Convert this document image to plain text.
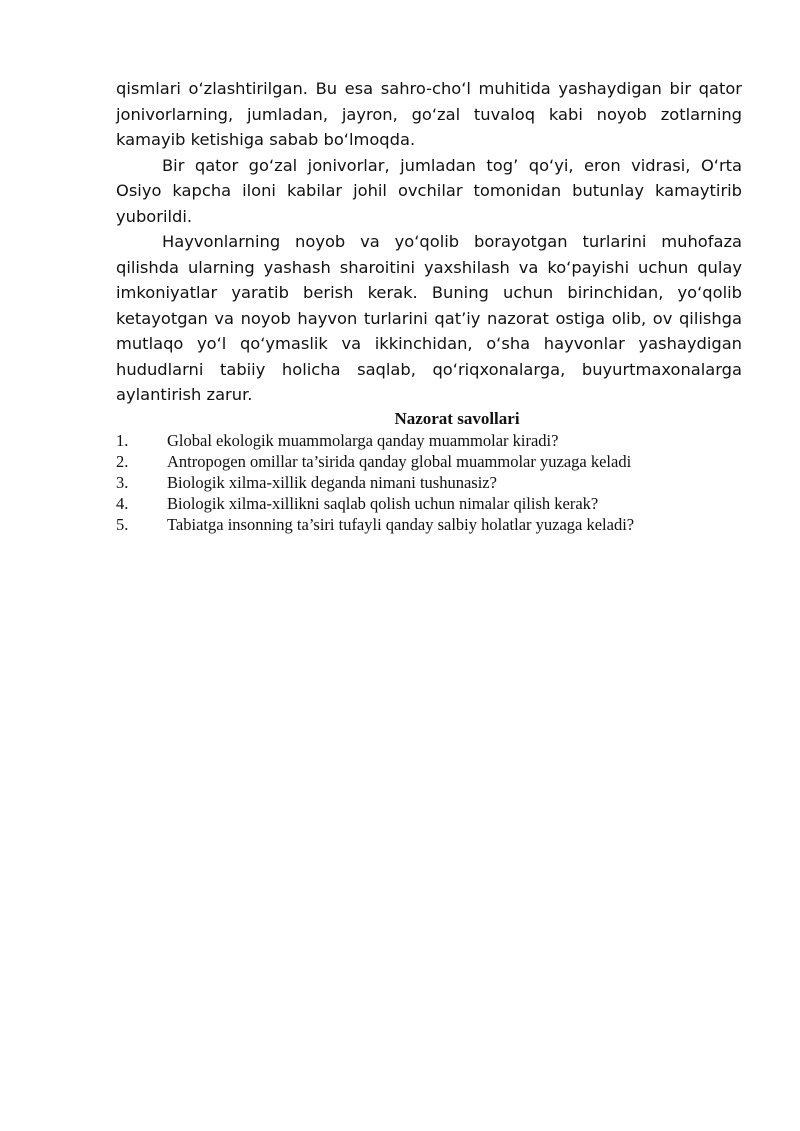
qismlari o‘zlashtirilgan. Bu esa sahro-cho‘l muhitida yashaydigan bir qator jonivorlarning, jumladan, jayron, go‘zal tuvaloq kabi noyob zotlarning kamayib ketishiga sabab bo‘lmoqda.

Bir qator go‘zal jonivorlar, jumladan tog’ qo‘yi, eron vidrasi, O‘rta Osiyo kapcha iloni kabilar johil ovchilar tomonidan butunlay kamaytirib yuborildi.

Hayvonlarning noyob va yo‘qolib borayotgan turlarini muhofaza qilishda ularning yashash sharoitini yaxshilash va ko‘payishi uchun qulay imkoniyatlar yaratib berish kerak. Buning uchun birinchidan, yo‘qolib ketayotgan va noyob hayvon turlarini qat’iy nazorat ostiga olib, ov qilishga mutlaqo yo‘l qo‘ymaslik va ikkinchidan, o‘sha hayvonlar yashaydigan hududlarni tabiiy holicha saqlab, qo‘riqxonalarga, buyurtmaxonalarga aylantirish zarur.

Nazorat savollari
1.	Global ekologik muammolarga qanday muammolar kiradi?
2.	Antropogen omillar ta’sirida qanday global muammolar yuzaga keladi
3.	Biologik xilma-xillik deganda nimani tushunasiz?
4.	Biologik xilma-xillikni saqlab qolish uchun nimalar qilish kerak?
5.	Tabiatga insonning ta’siri tufayli qanday salbiy holatlar yuzaga keladi?
